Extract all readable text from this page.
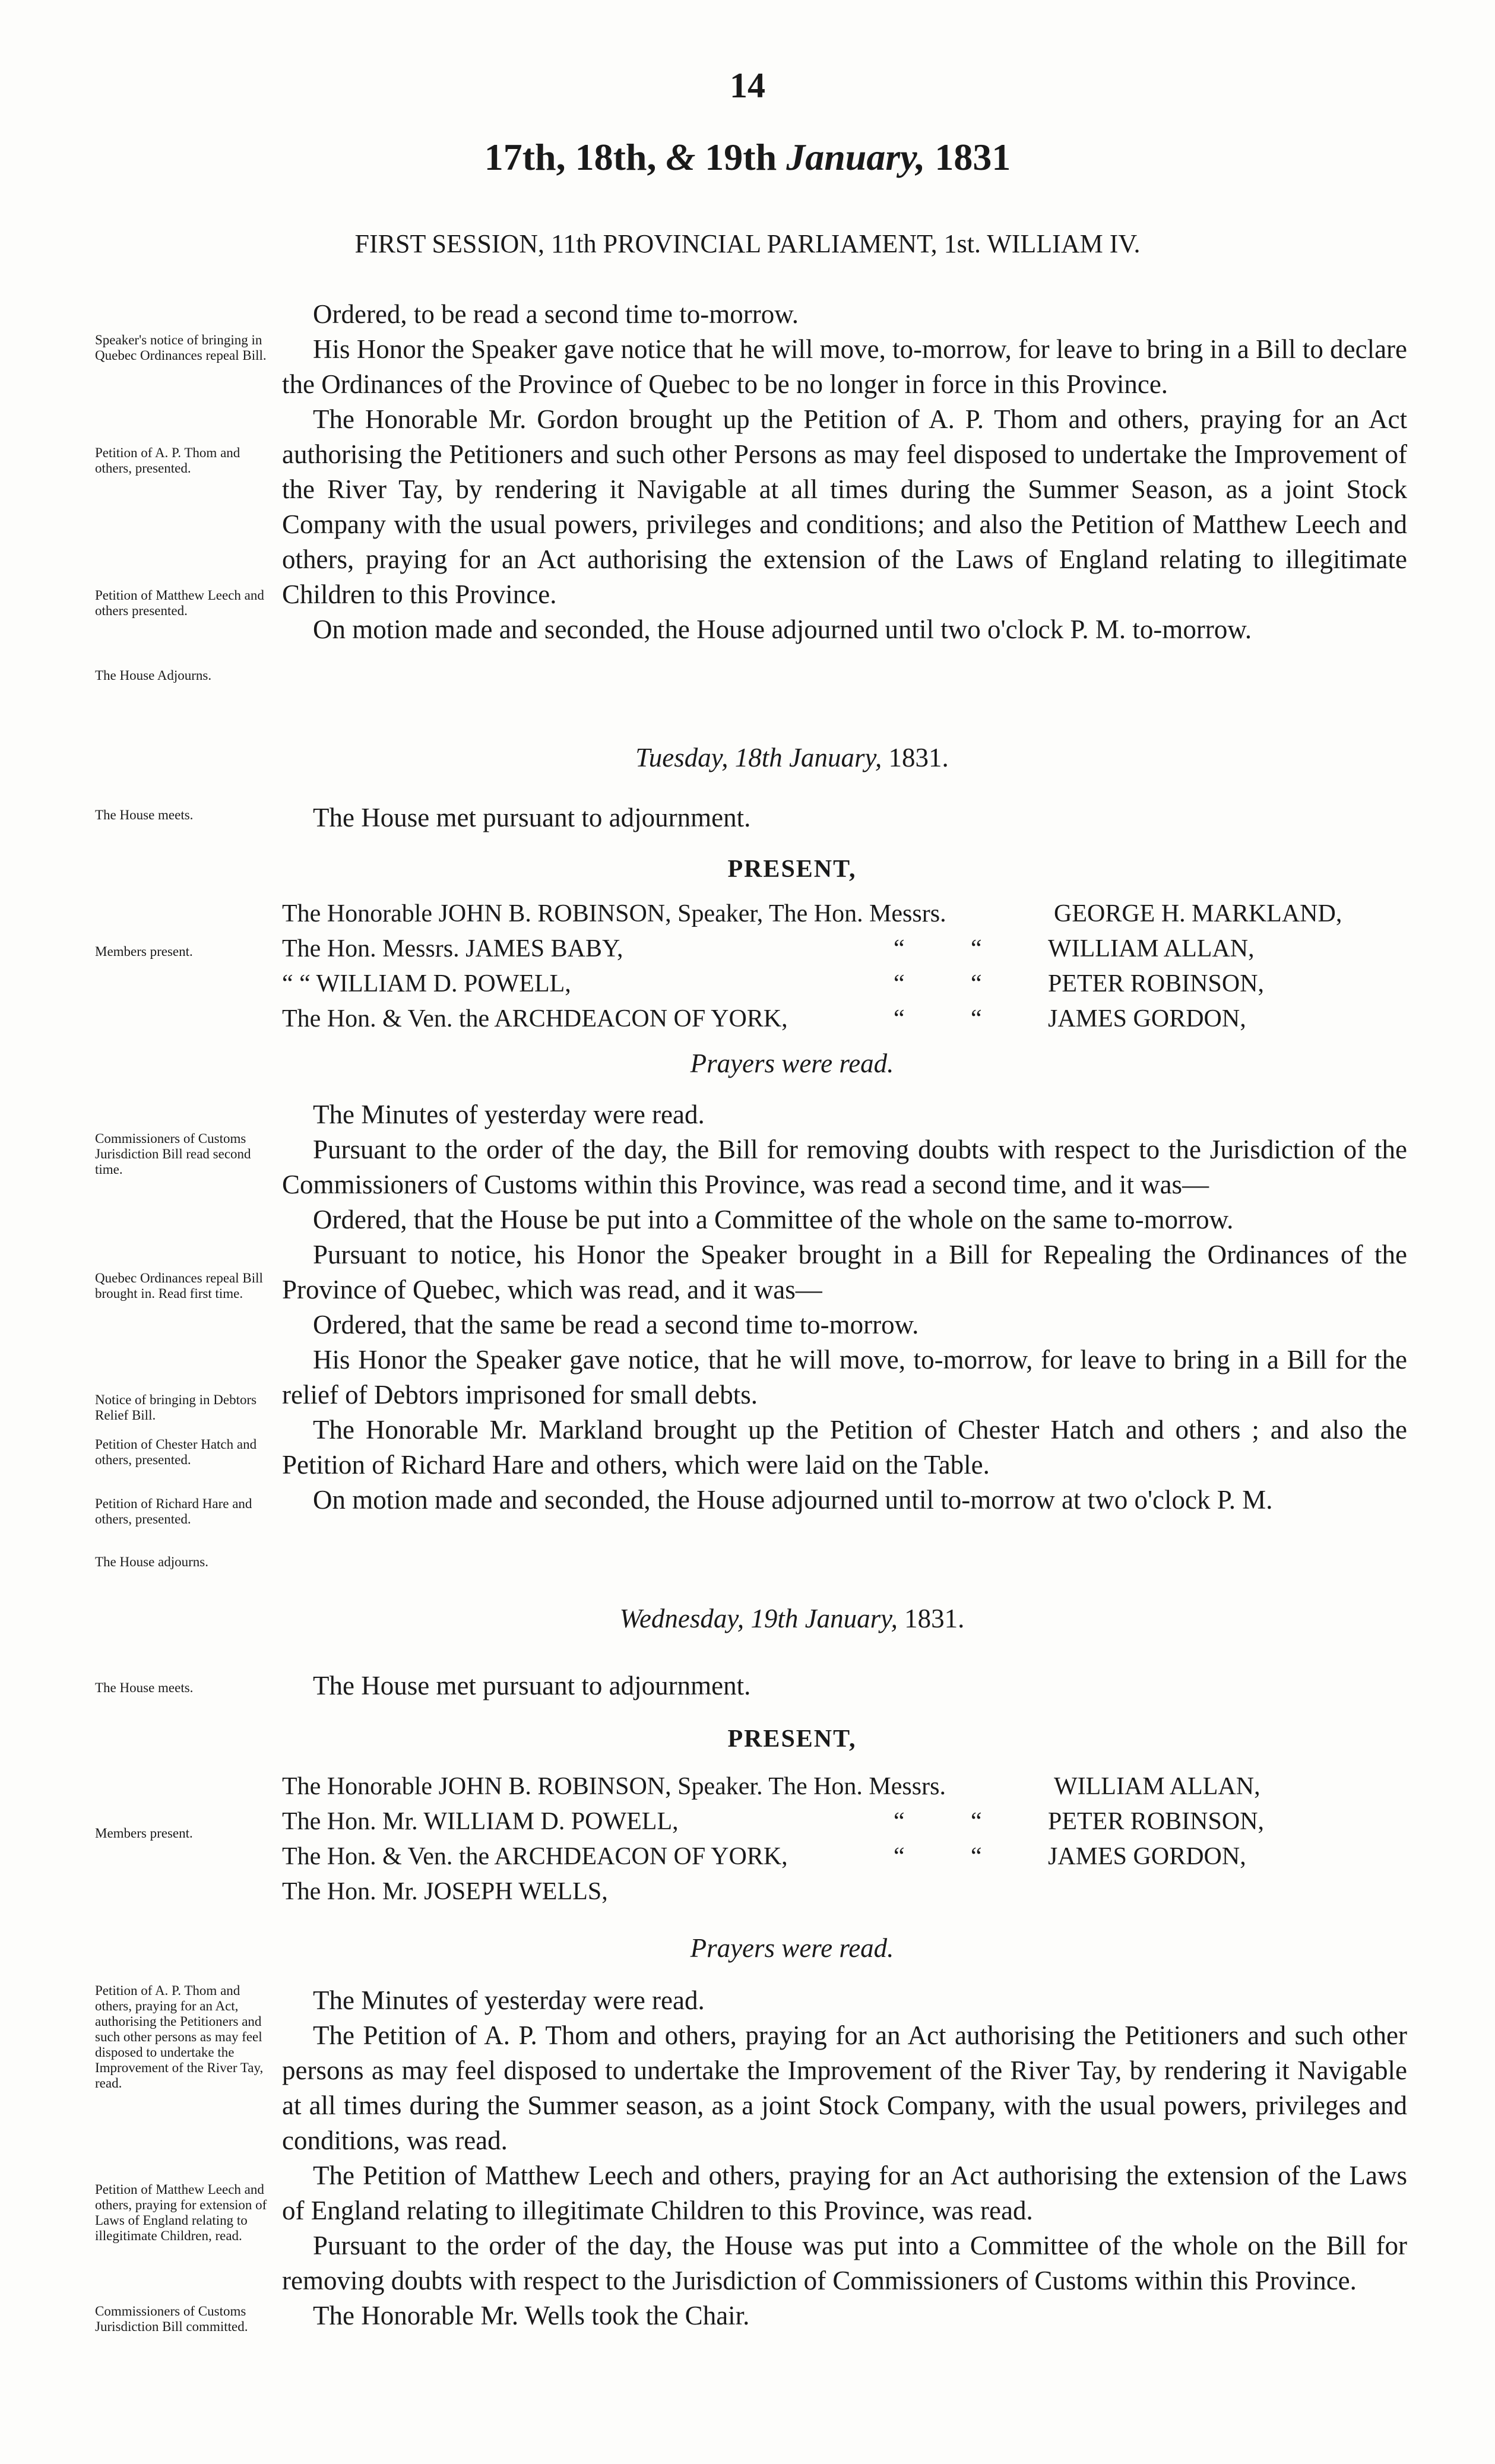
14
17th, 18th, & 19th January, 1831
FIRST SESSION, 11th PROVINCIAL PARLIAMENT, 1st. WILLIAM IV.

Ordered, to be read a second time to-morrow.

His Honor the Speaker gave notice that he will move, to-morrow, for leave to bring in a Bill to declare the Ordinances of the Province of Quebec to be no longer in force in this Province.

The Honorable Mr. Gordon brought up the Petition of A. P. Thom and others, praying for an Act authorising the Petitioners and such other Persons as may feel disposed to undertake the Improvement of the River Tay, by rendering it Navigable at all times during the Summer Season, as a joint Stock Company with the usual powers, privileges and conditions; and also the Petition of Matthew Leech and others, praying for an Act authorising the extension of the Laws of England relating to illegitimate Children to this Province.

On motion made and seconded, the House adjourned until two o'clock P. M. to-morrow.

Speaker's notice of bringing in Quebec Ordinances repeal Bill.
Petition of A. P. Thom and others, presented.
Petition of Matthew Leech and others presented.
The House Adjourns.
Tuesday, 18th January, 1831.

The House met pursuant to adjournment.

The House meets.
PRESENT,
The Honorable JOHN B. ROBINSON, Speaker, The Hon. Messrs.	GEORGE H. MARKLAND,
The Hon. Messrs. JAMES BABY,	“	“	WILLIAM ALLAN,
“ “ WILLIAM D. POWELL,	“	“	PETER ROBINSON,
The Hon. & Ven. the ARCHDEACON OF YORK,	“	“	JAMES GORDON,
Members present.
Prayers were read.

The Minutes of yesterday were read.

Pursuant to the order of the day, the Bill for removing doubts with respect to the Jurisdiction of the Commissioners of Customs within this Province, was read a second time, and it was—

Ordered, that the House be put into a Committee of the whole on the same to-morrow.

Pursuant to notice, his Honor the Speaker brought in a Bill for Repealing the Ordinances of the Province of Quebec, which was read, and it was—

Ordered, that the same be read a second time to-morrow.

His Honor the Speaker gave notice, that he will move, to-morrow, for leave to bring in a Bill for the relief of Debtors imprisoned for small debts.

The Honorable Mr. Markland brought up the Petition of Chester Hatch and others ; and also the Petition of Richard Hare and others, which were laid on the Table.

On motion made and seconded, the House adjourned until to-morrow at two o'clock P. M.

Commissioners of Customs Jurisdiction Bill read second time.
Quebec Ordinances repeal Bill brought in. Read first time.
Notice of bringing in Debtors Relief Bill.
Petition of Chester Hatch and others, presented.
Petition of Richard Hare and others, presented.
The House adjourns.
Wednesday, 19th January, 1831.

The House met pursuant to adjournment.

The House meets.
PRESENT,
The Honorable JOHN B. ROBINSON, Speaker. The Hon. Messrs.	WILLIAM ALLAN,
The Hon. Mr. WILLIAM D. POWELL,	“	“	PETER ROBINSON,
The Hon. & Ven. the ARCHDEACON OF YORK,	“	“	JAMES GORDON,
The Hon. Mr. JOSEPH WELLS,
Members present.
Prayers were read.

The Minutes of yesterday were read.

The Petition of A. P. Thom and others, praying for an Act authorising the Petitioners and such other persons as may feel disposed to undertake the Improvement of the River Tay, by rendering it Navigable at all times during the Summer season, as a joint Stock Company, with the usual powers, privileges and conditions, was read.

The Petition of Matthew Leech and others, praying for an Act authorising the extension of the Laws of England relating to illegitimate Children to this Province, was read.

Pursuant to the order of the day, the House was put into a Committee of the whole on the Bill for removing doubts with respect to the Jurisdiction of Commissioners of Customs within this Province.

The Honorable Mr. Wells took the Chair.

Petition of A. P. Thom and others, praying for an Act, authorising the Petitioners and such other persons as may feel disposed to undertake the Improvement of the River Tay, read.
Petition of Matthew Leech and others, praying for extension of Laws of England relating to illegitimate Children, read.
Commissioners of Customs Jurisdiction Bill committed.
